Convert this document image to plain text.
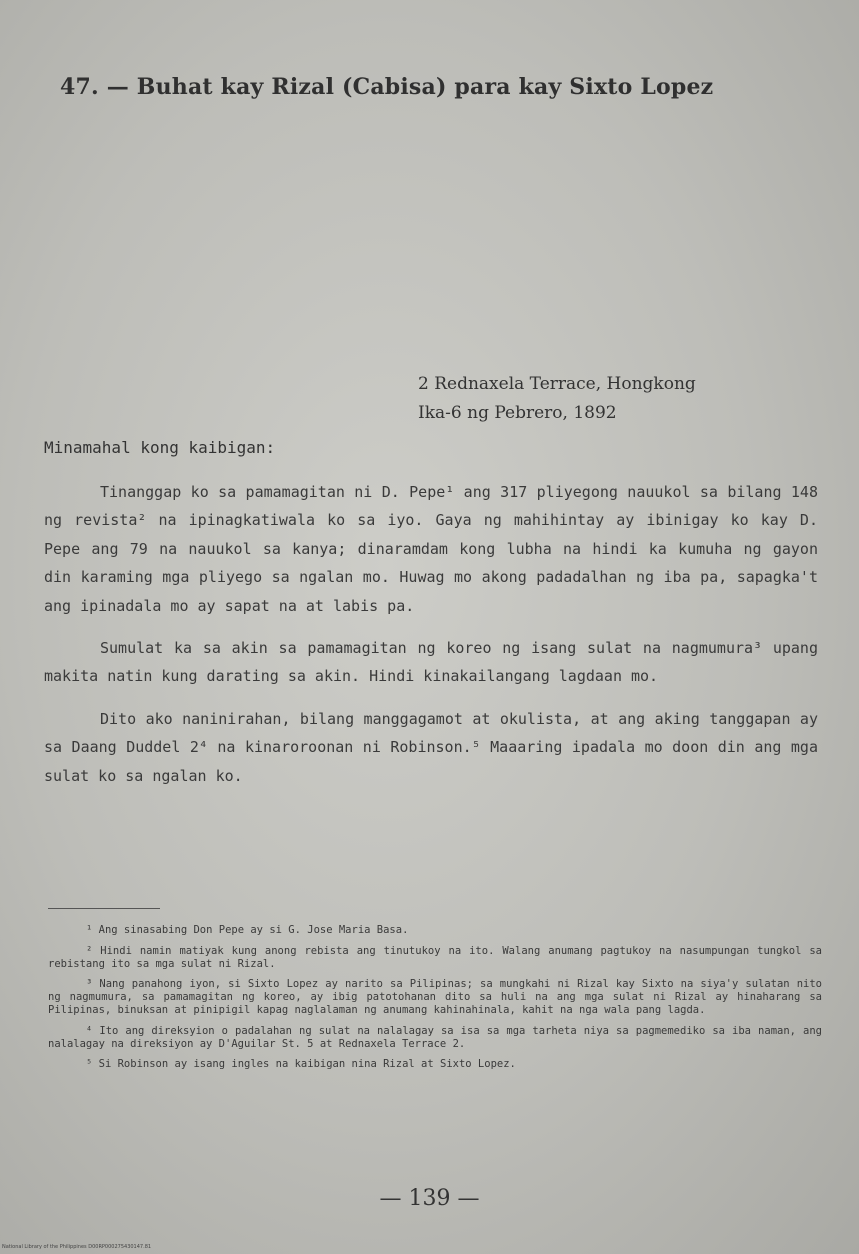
47. — Buhat kay Rizal (Cabisa) para kay Sixto Lopez
2 Rednaxela Terrace, Hongkong
Ika-6 ng Pebrero, 1892
Minamahal kong kaibigan:

Tinanggap ko sa pamamagitan ni D. Pepe¹ ang 317 pliyegong nauukol sa bilang 148 ng revista² na ipinagkatiwala ko sa iyo. Gaya ng mahihintay ay ibinigay ko kay D. Pepe ang 79 na nauukol sa kanya; dinaramdam kong lubha na hindi ka kumuha ng gayon din karaming mga pliyego sa ngalan mo. Huwag mo akong padadalhan ng iba pa, sapagka't ang ipinadala mo ay sapat na at labis pa.

Sumulat ka sa akin sa pamamagitan ng koreo ng isang sulat na nagmumura³ upang makita natin kung darating sa akin. Hindi kinakailangang lagdaan mo.

Dito ako naninirahan, bilang manggagamot at okulista, at ang aking tanggapan ay sa Daang Duddel 2⁴ na kinaroroonan ni Robinson.⁵ Maaaring ipadala mo doon din ang mga sulat ko sa ngalan ko.

¹ Ang sinasabing Don Pepe ay si G. Jose Maria Basa.

² Hindi namin matiyak kung anong rebista ang tinutukoy na ito. Walang anumang pagtukoy na nasumpungan tungkol sa rebistang ito sa mga sulat ni Rizal.

³ Nang panahong iyon, si Sixto Lopez ay narito sa Pilipinas; sa mungkahi ni Rizal kay Sixto na siya'y sulatan nito ng nagmumura, sa pamamagitan ng koreo, ay ibig patotohanan dito sa huli na ang mga sulat ni Rizal ay hinaharang sa Pilipinas, binuksan at pinipigil kapag naglalaman ng anumang kahinahinala, kahit na nga wala pang lagda.

⁴ Ito ang direksyion o padalahan ng sulat na nalalagay sa isa sa mga tarheta niya sa pagmemediko sa iba naman, ang nalalagay na direksiyon ay D'Aguilar St. 5 at Rednaxela Terrace 2.

⁵ Si Robinson ay isang ingles na kaibigan nina Rizal at Sixto Lopez.

— 139 —
National Library of the Philippines D00RP000275430147.81
